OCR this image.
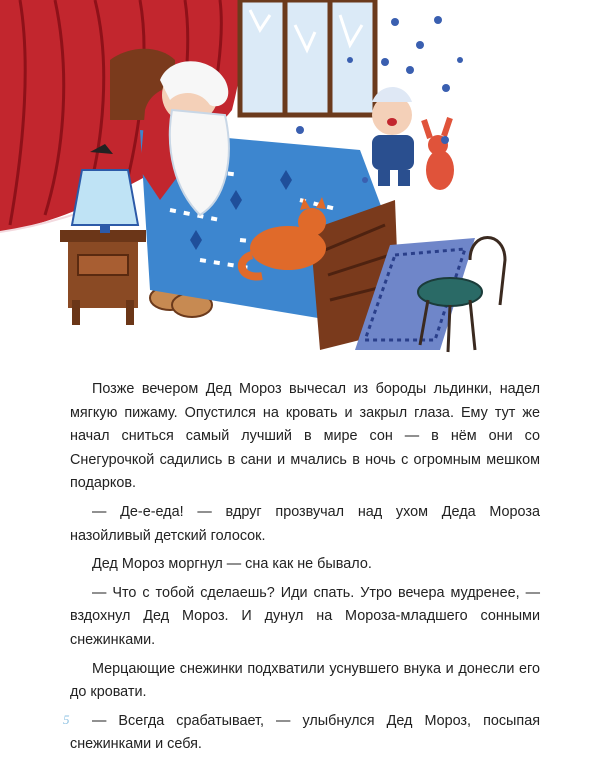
Позже вечером Дед Мороз вычесал из бороды льдинки, надел мягкую пижаму. Опустился на кровать и закрыл глаза. Ему тут же начал сниться самый лучший в мире сон — в нём они со Снегурочкой садились в сани и мчались в ночь с огромным мешком подарков.

— Де-е-еда! — вдруг прозвучал над ухом Деда Мороза назойливый детский голосок.

Дед Мороз моргнул — сна как не бывало.

— Что с тобой сделаешь? Иди спать. Утро вечера мудренее, — вздохнул Дед Мороз. И дунул на Мороза-младшего сонными снежинками.

Мерцающие снежинки подхватили уснувшего внука и донесли его до кровати.

— Всегда срабатывает, — улыбнулся Дед Мороз, посыпая снежинками и себя.

5
